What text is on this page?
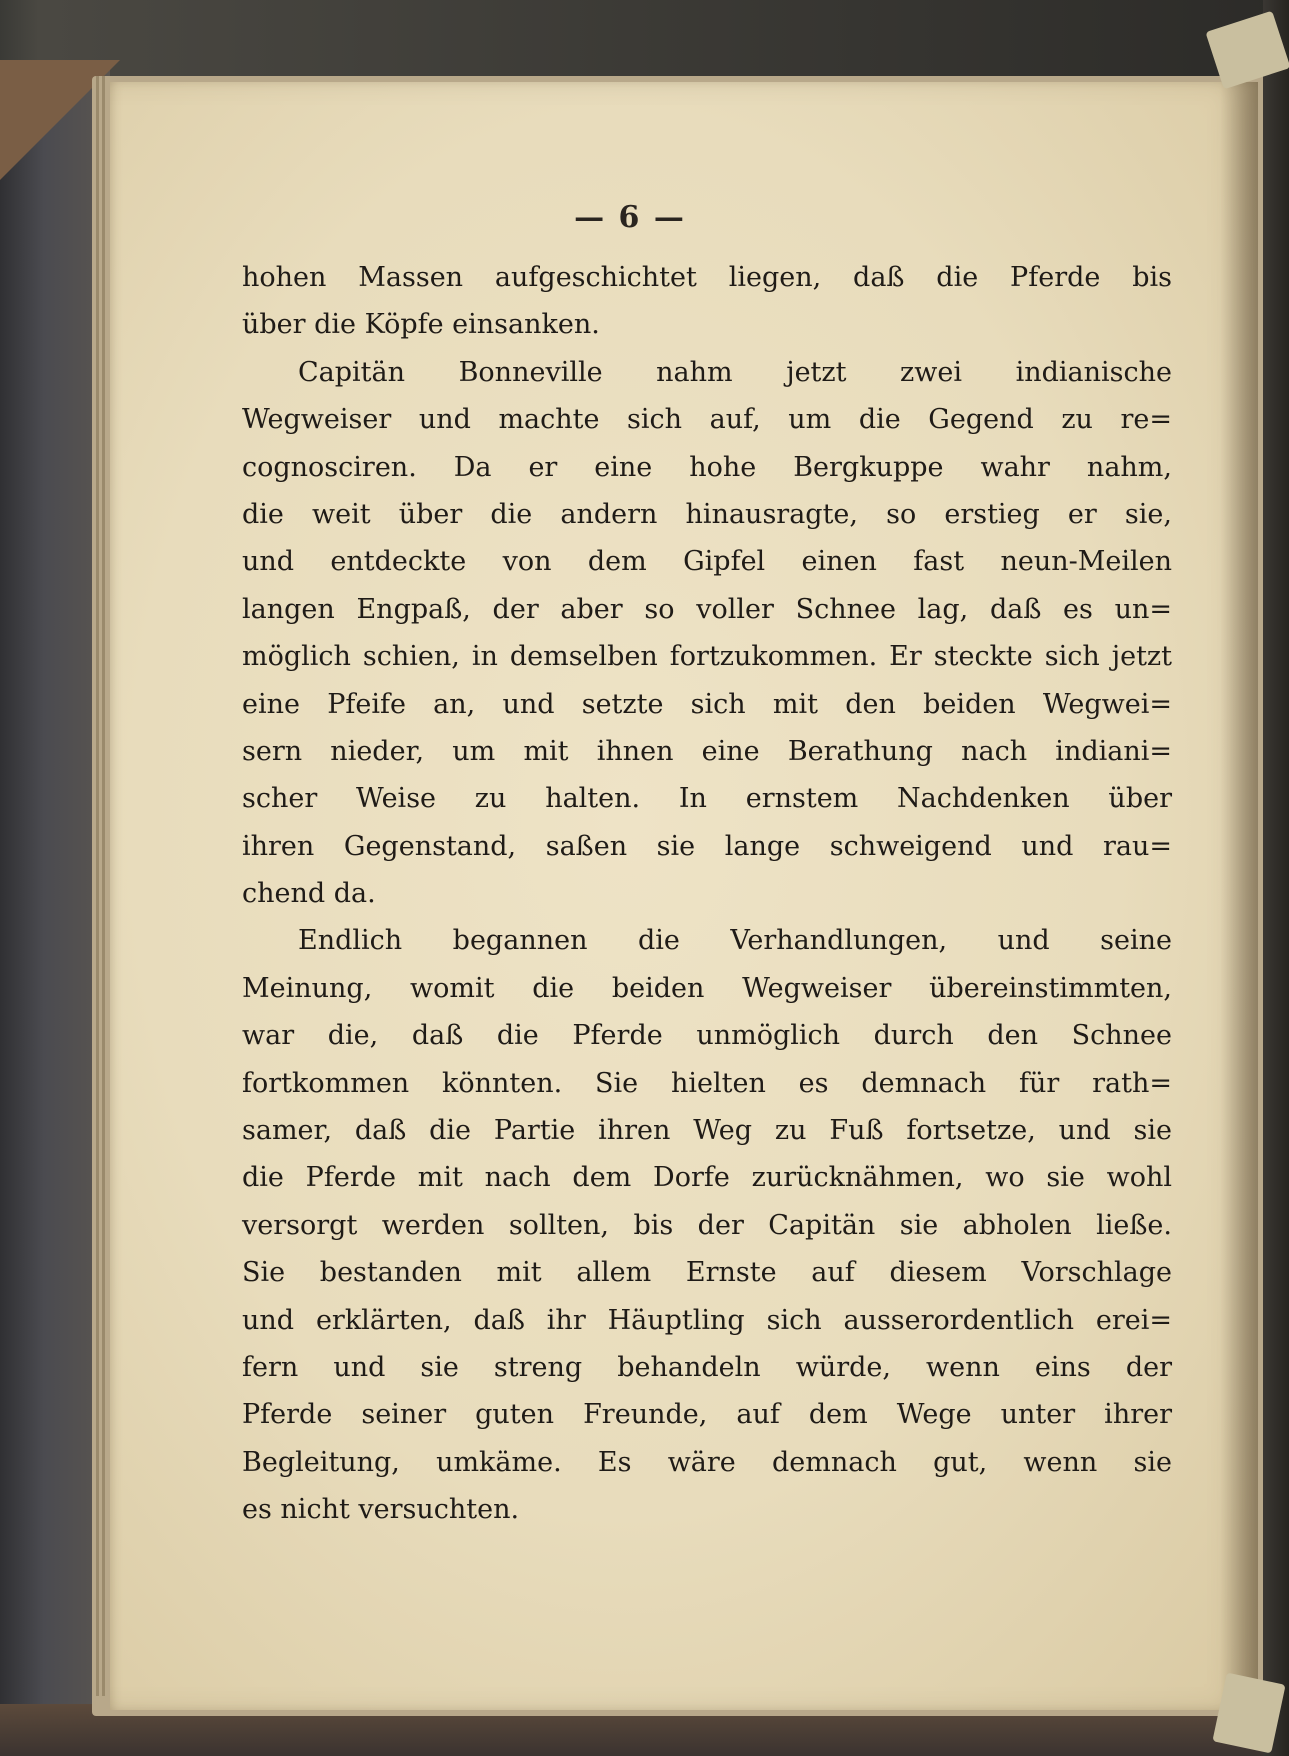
— 6 —
hohen Massen aufgeschichtet liegen, daß die Pferde bis
über die Köpfe einsanken.
Capitän Bonneville nahm jetzt zwei indianische
Wegweiser und machte sich auf, um die Gegend zu re=
cognosciren. Da er eine hohe Bergkuppe wahr nahm,
die weit über die andern hinausragte, so erstieg er sie,
und entdeckte von dem Gipfel einen fast neun-Meilen
langen Engpaß, der aber so voller Schnee lag, daß es un=
möglich schien, in demselben fortzukommen. Er steckte sich jetzt
eine Pfeife an, und setzte sich mit den beiden Wegwei=
sern nieder, um mit ihnen eine Berathung nach indiani=
scher Weise zu halten. In ernstem Nachdenken über
ihren Gegenstand, saßen sie lange schweigend und rau=
chend da.
Endlich begannen die Verhandlungen, und seine
Meinung, womit die beiden Wegweiser übereinstimmten,
war die, daß die Pferde unmöglich durch den Schnee
fortkommen könnten. Sie hielten es demnach für rath=
samer, daß die Partie ihren Weg zu Fuß fortsetze, und sie
die Pferde mit nach dem Dorfe zurücknähmen, wo sie wohl
versorgt werden sollten, bis der Capitän sie abholen ließe.
Sie bestanden mit allem Ernste auf diesem Vorschlage
und erklärten, daß ihr Häuptling sich ausserordentlich erei=
fern und sie streng behandeln würde, wenn eins der
Pferde seiner guten Freunde, auf dem Wege unter ihrer
Begleitung, umkäme. Es wäre demnach gut, wenn sie
es nicht versuchten.
